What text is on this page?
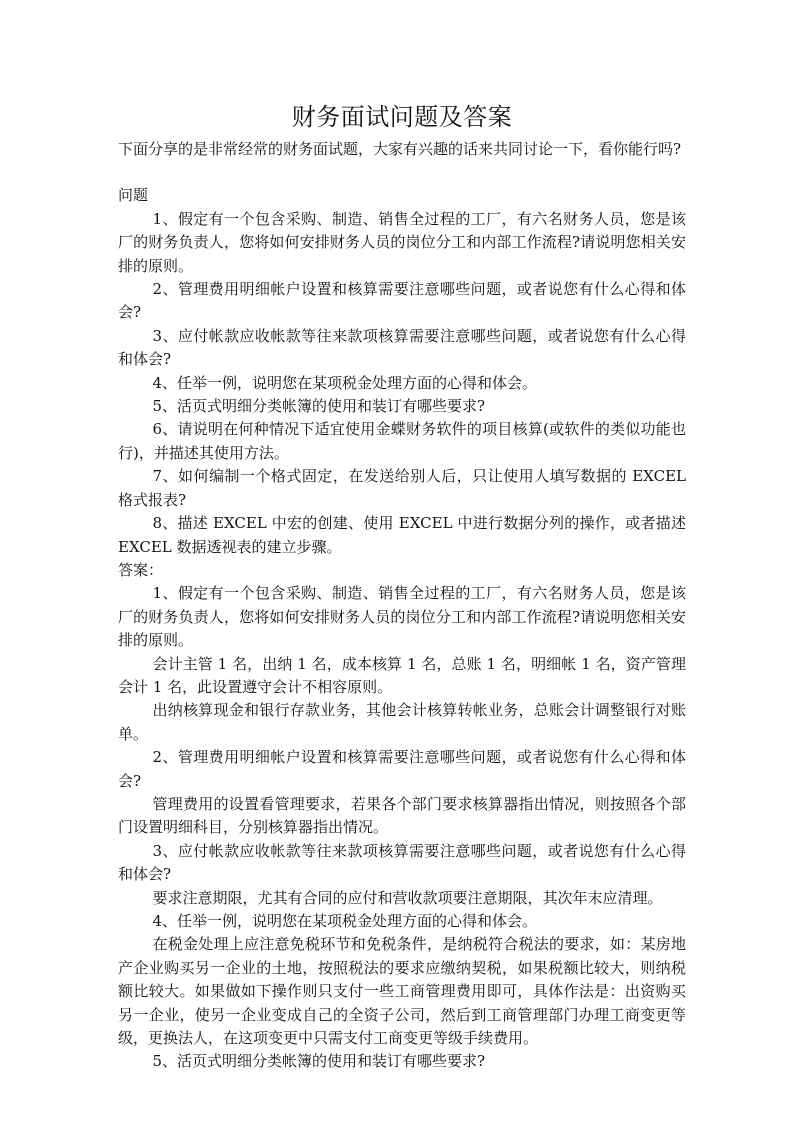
财务面试问题及答案

下面分享的是非常经常的财务面试题，大家有兴趣的话来共同讨论一下，看你能行吗?

问题

1、假定有一个包含采购、制造、销售全过程的工厂，有六名财务人员，您是该厂的财务负责人，您将如何安排财务人员的岗位分工和内部工作流程?请说明您相关安排的原则。

2、管理费用明细帐户设置和核算需要注意哪些问题，或者说您有什么心得和体会?

3、应付帐款应收帐款等往来款项核算需要注意哪些问题，或者说您有什么心得和体会?

4、任举一例，说明您在某项税金处理方面的心得和体会。

5、活页式明细分类帐簿的使用和装订有哪些要求?

6、请说明在何种情况下适宜使用金蝶财务软件的项目核算(或软件的类似功能也行)，并描述其使用方法。

7、如何编制一个格式固定，在发送给别人后，只让使用人填写数据的 EXCEL 格式报表?

8、描述 EXCEL 中宏的创建、使用 EXCEL 中进行数据分列的操作，或者描述 EXCEL 数据透视表的建立步骤。

答案：

1、假定有一个包含采购、制造、销售全过程的工厂，有六名财务人员，您是该厂的财务负责人，您将如何安排财务人员的岗位分工和内部工作流程?请说明您相关安排的原则。

会计主管 1 名，出纳 1 名，成本核算 1 名，总账 1 名，明细帐 1 名，资产管理会计 1 名，此设置遵守会计不相容原则。

出纳核算现金和银行存款业务，其他会计核算转帐业务，总账会计调整银行对账单。

2、管理费用明细帐户设置和核算需要注意哪些问题，或者说您有什么心得和体会?

管理费用的设置看管理要求，若果各个部门要求核算器指出情况，则按照各个部门设置明细科目，分别核算器指出情况。

3、应付帐款应收帐款等往来款项核算需要注意哪些问题，或者说您有什么心得和体会?

要求注意期限，尤其有合同的应付和营收款项要注意期限，其次年末应清理。

4、任举一例，说明您在某项税金处理方面的心得和体会。

在税金处理上应注意免税环节和免税条件，是纳税符合税法的要求，如：某房地产企业购买另一企业的土地，按照税法的要求应缴纳契税，如果税额比较大，则纳税额比较大。如果做如下操作则只支付一些工商管理费用即可，具体作法是：出资购买另一企业，使另一企业变成自己的全资子公司，然后到工商管理部门办理工商变更等级，更换法人，在这项变更中只需支付工商变更等级手续费用。

5、活页式明细分类帐簿的使用和装订有哪些要求?
